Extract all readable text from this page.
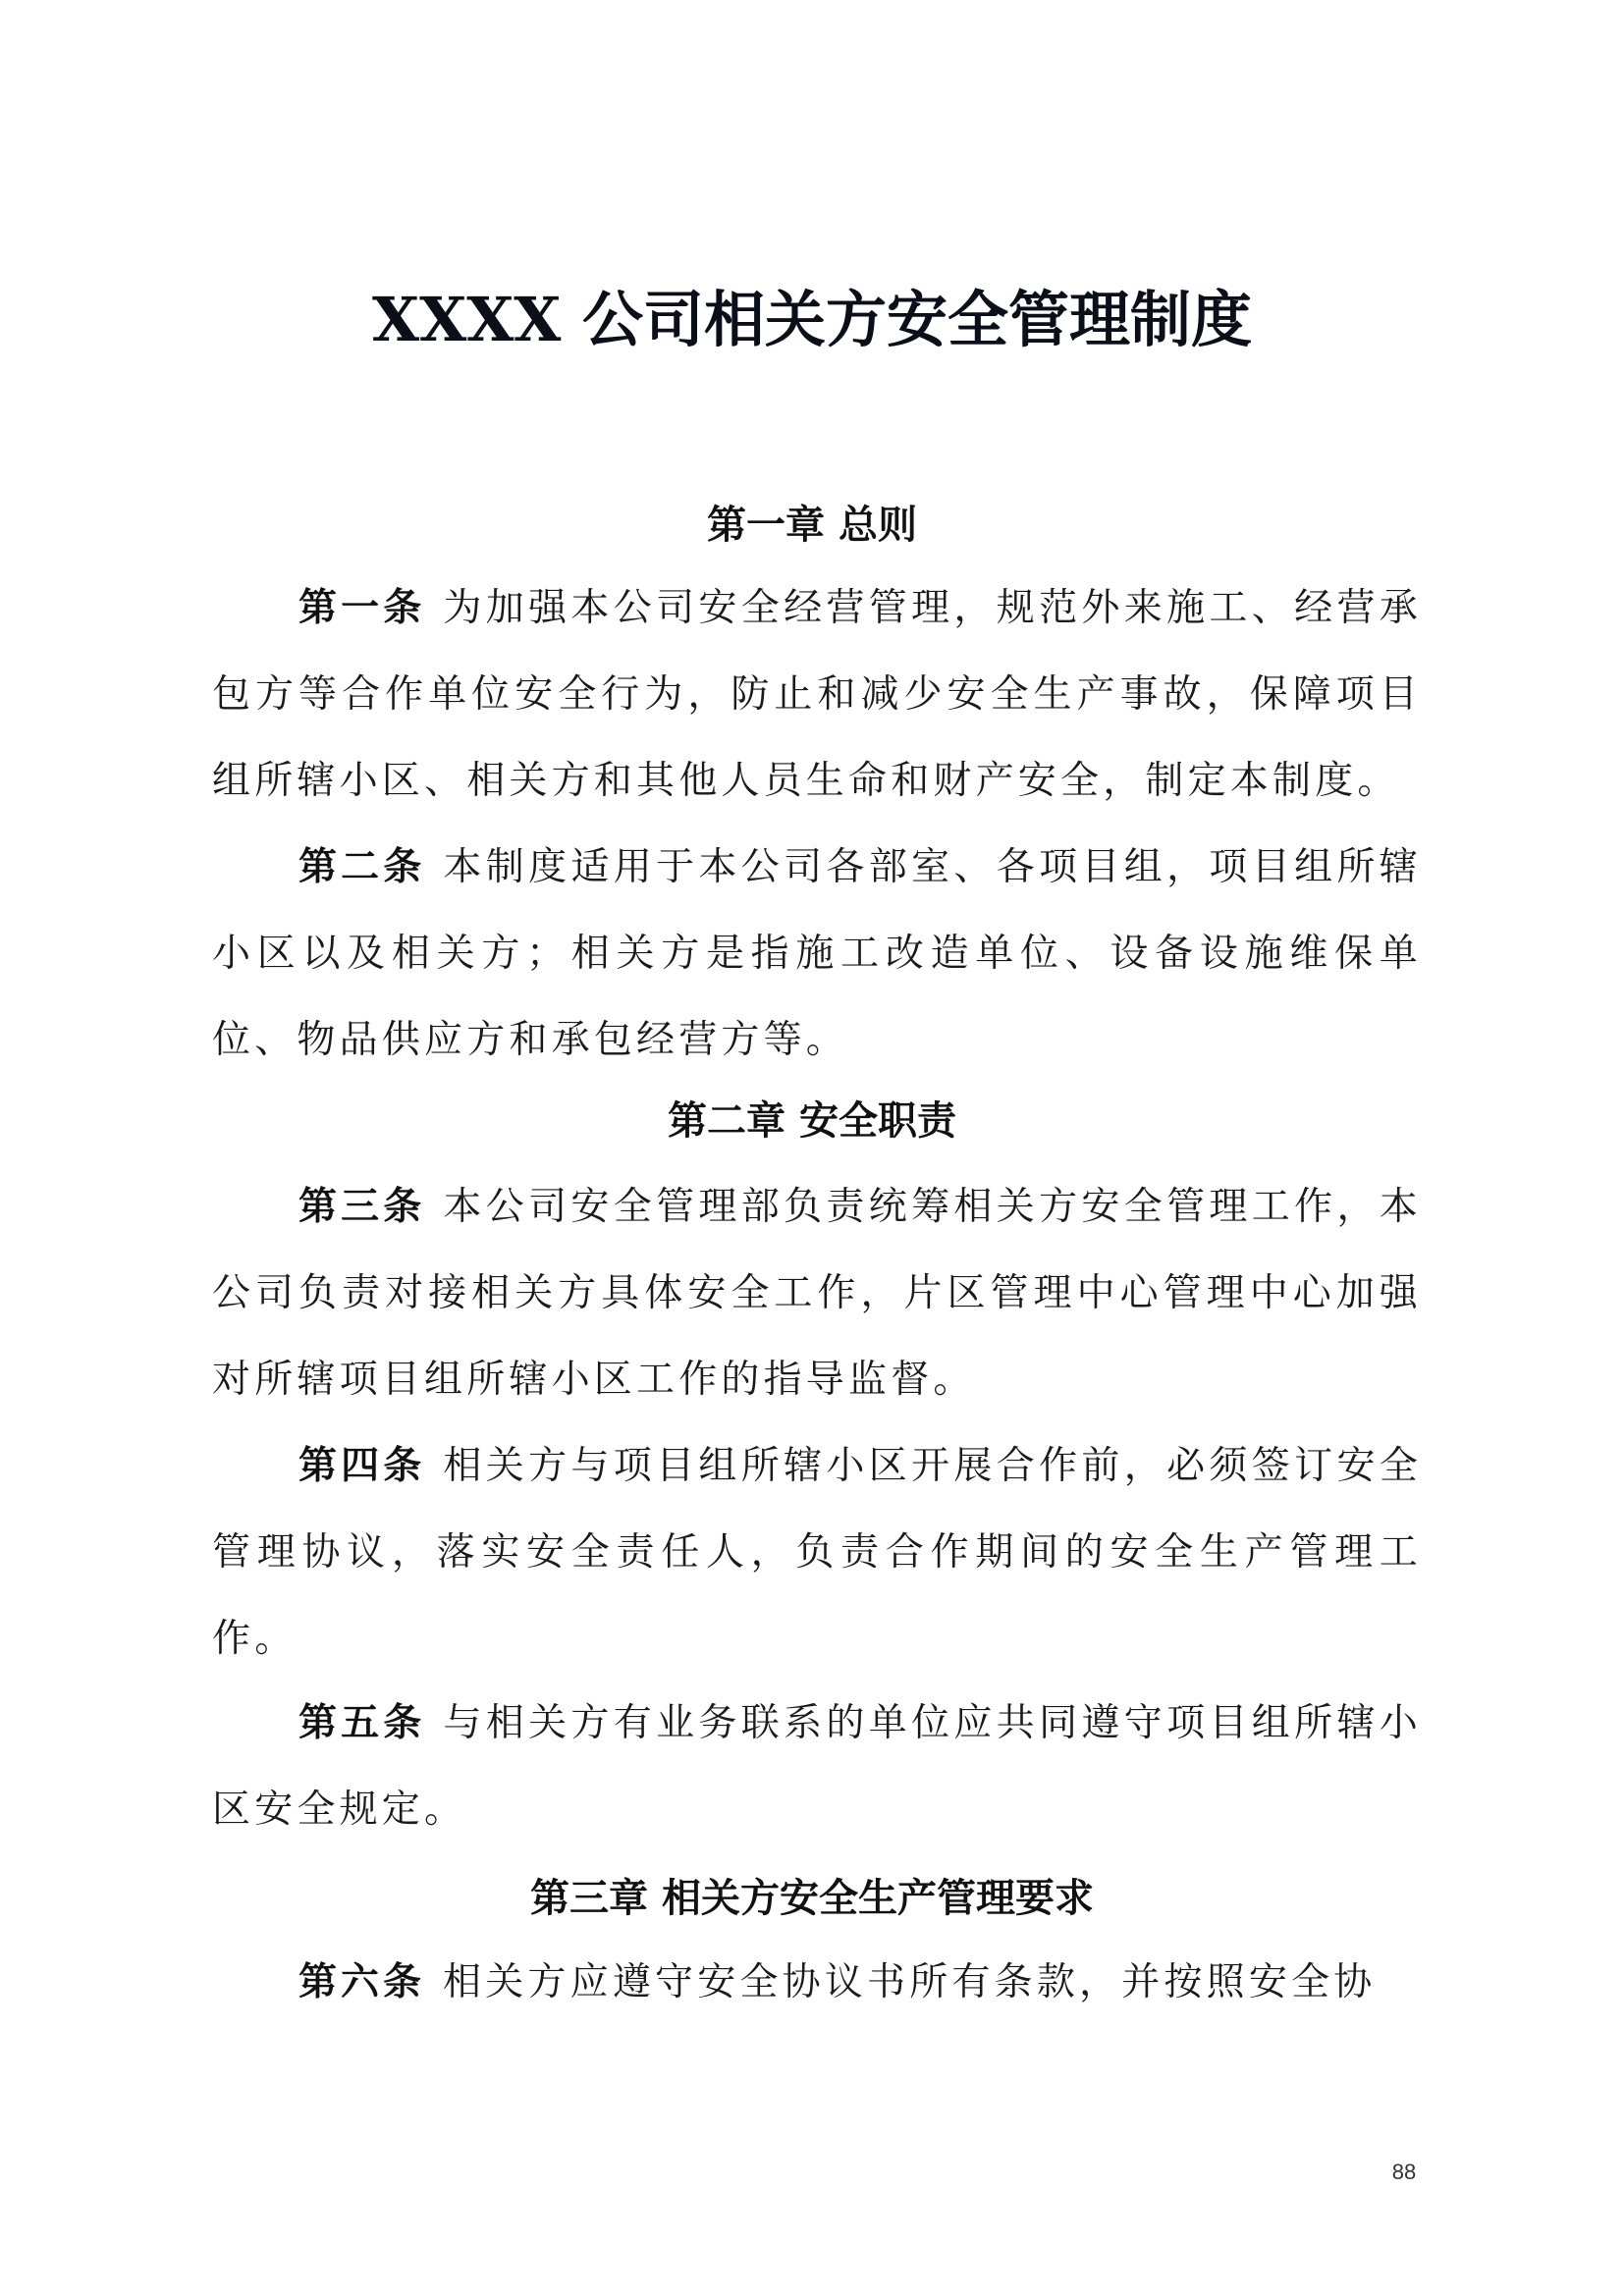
XXXX 公司相关方安全管理制度
第一章 总则

第一条 为加强本公司安全经营管理，规范外来施工、经营承包方等合作单位安全行为，防止和减少安全生产事故，保障项目组所辖小区、相关方和其他人员生命和财产安全，制定本制度。

第二条 本制度适用于本公司各部室、各项目组，项目组所辖小区以及相关方；相关方是指施工改造单位、设备设施维保单位、物品供应方和承包经营方等。

第二章 安全职责

第三条 本公司安全管理部负责统筹相关方安全管理工作，本公司负责对接相关方具体安全工作，片区管理中心管理中心加强对所辖项目组所辖小区工作的指导监督。

第四条 相关方与项目组所辖小区开展合作前，必须签订安全管理协议，落实安全责任人，负责合作期间的安全生产管理工作。

第五条 与相关方有业务联系的单位应共同遵守项目组所辖小区安全规定。

第三章 相关方安全生产管理要求

第六条 相关方应遵守安全协议书所有条款，并按照安全协

88
